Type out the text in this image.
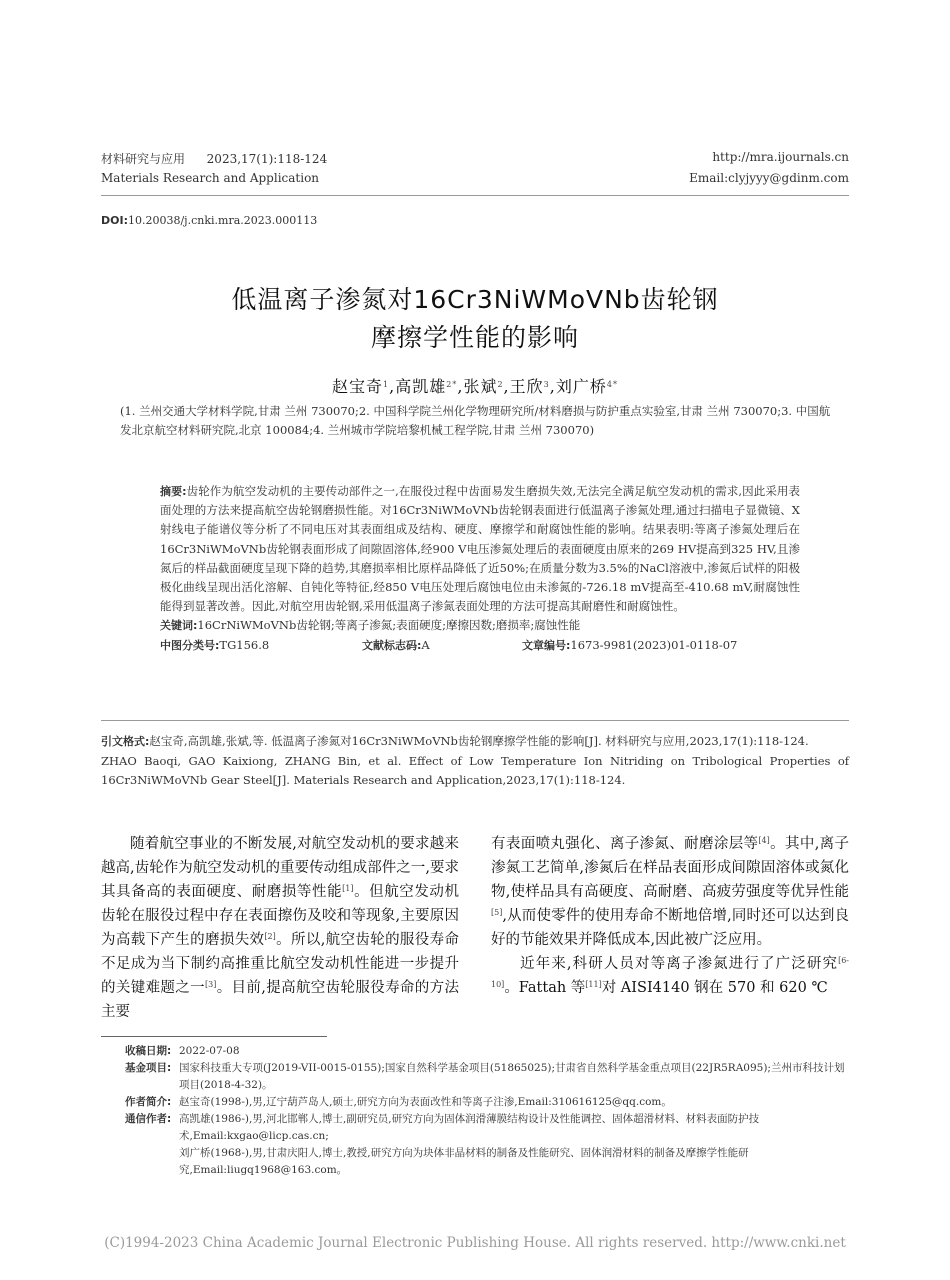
材料研究与应用 2023,17(1):118-124
Materials Research and Application
http://mra.ijournals.cn
Email:clyjyyy@gdinm.com
DOI:10.20038/j.cnki.mra.2023.000113
低温离子渗氮对16Cr3NiWMoVNb齿轮钢
摩擦学性能的影响
赵宝奇$^1$,高凯雄$^{2*}$,张斌$^2$,王欣$^3$,刘广桥$^{4*}$
(1. 兰州交通大学材料学院,甘肃 兰州 730070;2. 中国科学院兰州化学物理研究所/材料磨损与防护重点实验室,甘肃 兰州 730070;3. 中国航发北京航空材料研究院,北京 100084;4. 兰州城市学院培黎机械工程学院,甘肃 兰州 730070)
摘要:齿轮作为航空发动机的主要传动部件之一,在服役过程中齿面易发生磨损失效,无法完全满足航空发动机的需求,因此采用表面处理的方法来提高航空齿轮钢磨损性能。对16Cr3NiWMoVNb齿轮钢表面进行低温离子渗氮处理,通过扫描电子显微镜、X射线电子能谱仪等分析了不同电压对其表面组成及结构、硬度、摩擦学和耐腐蚀性能的影响。结果表明:等离子渗氮处理后在16Cr3NiWMoVNb齿轮钢表面形成了间隙固溶体,经900 V电压渗氮处理后的表面硬度由原来的269 HV提高到325 HV,且渗氮后的样品截面硬度呈现下降的趋势,其磨损率相比原样品降低了近50%;在质量分数为3.5%的NaCl溶液中,渗氮后试样的阳极极化曲线呈现出活化溶解、自钝化等特征,经850 V电压处理后腐蚀电位由未渗氮的-726.18 mV提高至-410.68 mV,耐腐蚀性能得到显著改善。因此,对航空用齿轮钢,采用低温离子渗氮表面处理的方法可提高其耐磨性和耐腐蚀性。
关键词:16CrNiWMoVNb齿轮钢;等离子渗氮;表面硬度;摩擦因数;磨损率;腐蚀性能
中图分类号:TG156.8	文献标志码:A	文章编号:1673-9981(2023)01-0118-07
引文格式:赵宝奇,高凯雄,张斌,等. 低温离子渗氮对16Cr3NiWMoVNb齿轮钢摩擦学性能的影响[J]. 材料研究与应用,2023,17(1):118-124.
ZHAO Baoqi, GAO Kaixiong, ZHANG Bin, et al. Effect of Low Temperature Ion Nitriding on Tribological Properties of 16Cr3NiWMoVNb Gear Steel[J]. Materials Research and Application,2023,17(1):118-124.

随着航空事业的不断发展,对航空发动机的要求越来越高,齿轮作为航空发动机的重要传动组成部件之一,要求其具备高的表面硬度、耐磨损等性能[1]。但航空发动机齿轮在服役过程中存在表面擦伤及咬和等现象,主要原因为高载下产生的磨损失效[2]。所以,航空齿轮的服役寿命不足成为当下制约高推重比航空发动机性能进一步提升的关键难题之一[3]。目前,提高航空齿轮服役寿命的方法主要

有表面喷丸强化、离子渗氮、耐磨涂层等[4]。其中,离子渗氮工艺简单,渗氮后在样品表面形成间隙固溶体或氮化物,使样品具有高硬度、高耐磨、高疲劳强度等优异性能[5],从而使零件的使用寿命不断地倍增,同时还可以达到良好的节能效果并降低成本,因此被广泛应用。

近年来,科研人员对等离子渗氮进行了广泛研究[6-10]。Fattah 等[11]对 AISI4140 钢在 570 和 620 ℃

收稿日期: 2022-07-08
基金项目: 国家科技重大专项(J2019-VII-0015-0155);国家自然科学基金项目(51865025);甘肃省自然科学基金重点项目(22JR5RA095);兰州市科技计划项目(2018-4-32)。
作者简介: 赵宝奇(1998-),男,辽宁葫芦岛人,硕士,研究方向为表面改性和等离子注渗,Email:310616125@qq.com。
通信作者: 高凯雄(1986-),男,河北邯郸人,博士,副研究员,研究方向为固体润滑薄膜结构设计及性能调控、固体超滑材料、材料表面防护技术,Email:kxgao@licp.cas.cn;
刘广桥(1968-),男,甘肃庆阳人,博士,教授,研究方向为块体非晶材料的制备及性能研究、固体润滑材料的制备及摩擦学性能研究,Email:liugq1968@163.com。
(C)1994-2023 China Academic Journal Electronic Publishing House. All rights reserved. http://www.cnki.net
